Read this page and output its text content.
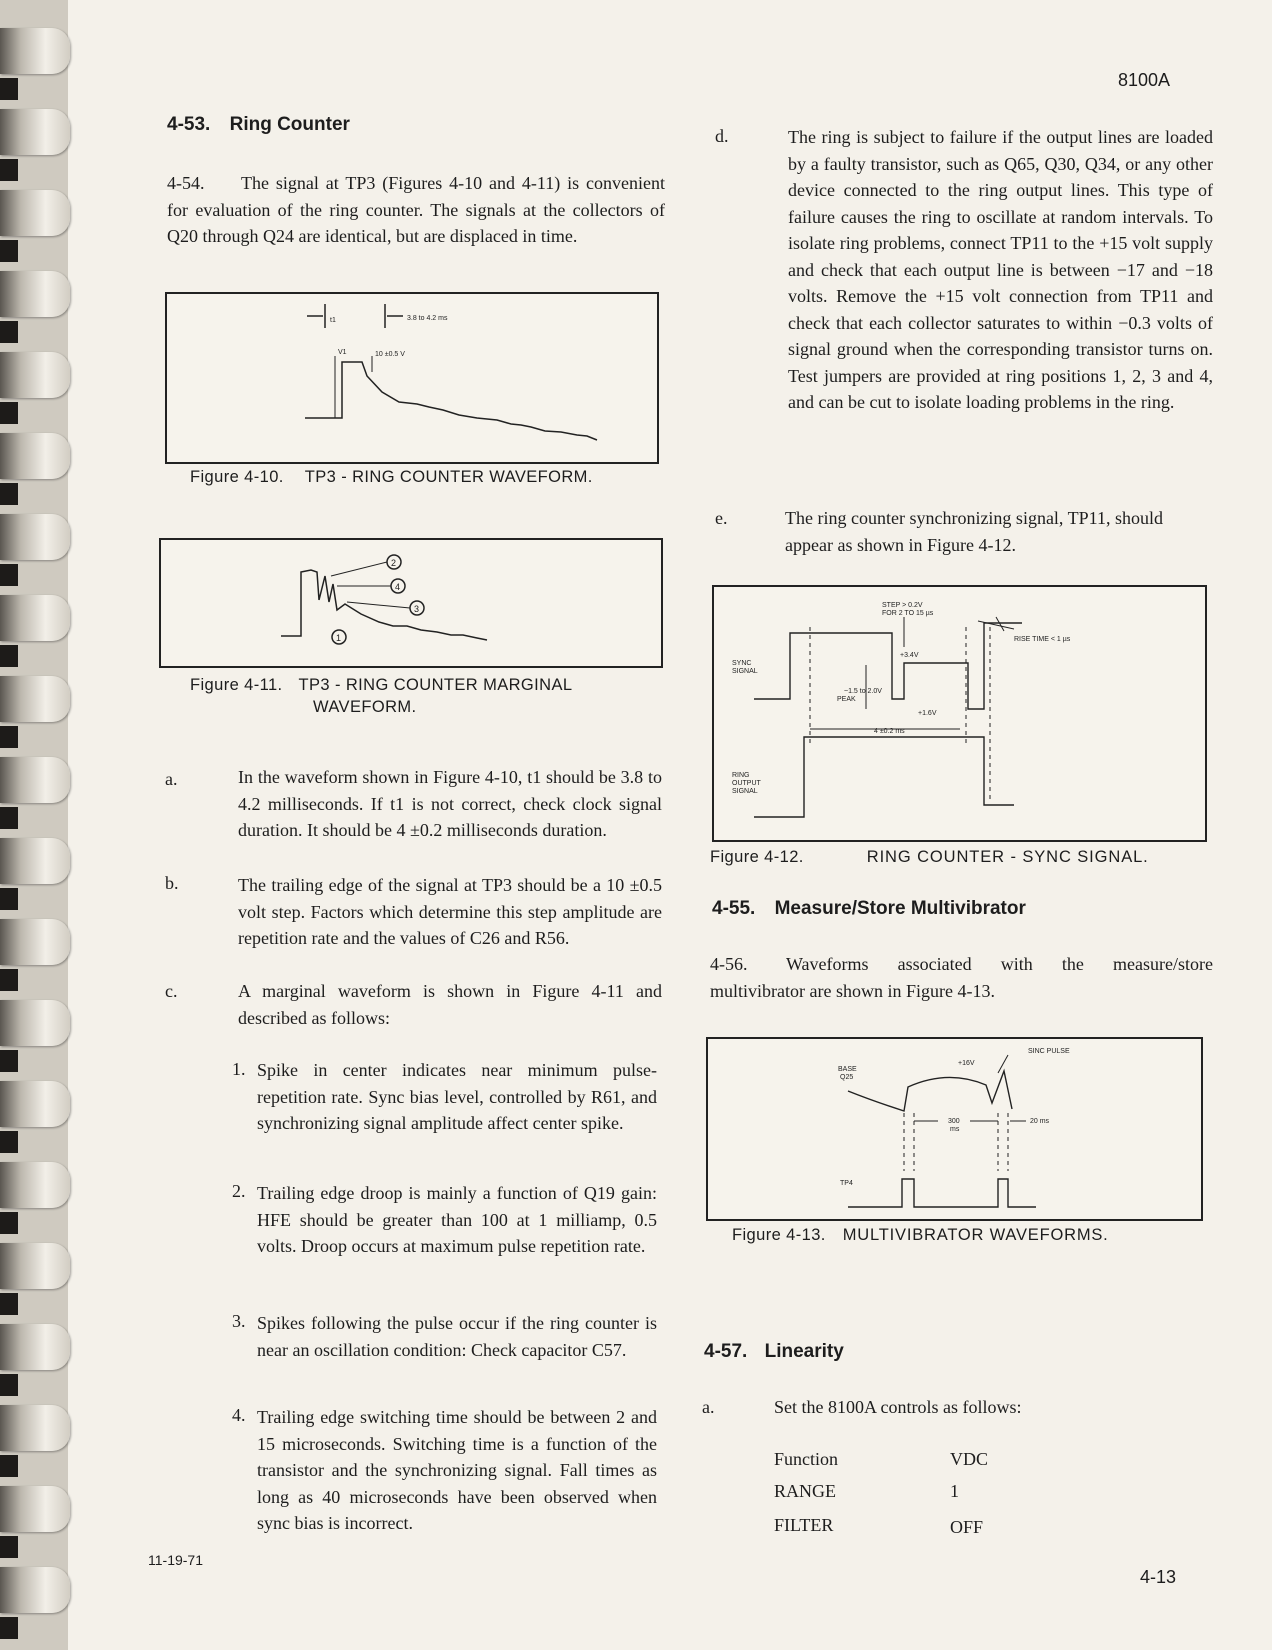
8100A
11-19-71
4-13
4-53. Ring Counter

4-54. The signal at TP3 (Figures 4-10 and 4-11) is convenient for evaluation of the ring counter. The signals at the collectors of Q20 through Q24 are identical, but are displaced in time.

t1	3.8 to 4.2 ms
V1	10 ±0.5 V
Figure 4-10. TP3 - RING COUNTER WAVEFORM.
2
4
3
1
Figure 4-11. TP3 - RING COUNTER MARGINAL
WAVEFORM.
a.	In the waveform shown in Figure 4-10, t1 should be 3.8 to 4.2 milliseconds. If t1 is not correct, check clock signal duration. It should be 4 ±0.2 milliseconds duration.

b.	The trailing edge of the signal at TP3 should be a 10 ±0.5 volt step. Factors which determine this step amplitude are repetition rate and the values of C26 and R56.

c.	A marginal waveform is shown in Figure 4-11 and described as follows:

1. Spike in center indicates near minimum pulse-repetition rate. Sync bias level, controlled by R61, and synchronizing signal amplitude affect center spike.

2. Trailing edge droop is mainly a function of Q19 gain: HFE should be greater than 100 at 1 milliamp, 0.5 volts. Droop occurs at maximum pulse repetition rate.

3. Spikes following the pulse occur if the ring counter is near an oscillation condition: Check capacitor C57.

4. Trailing edge switching time should be between 2 and 15 microseconds. Switching time is a function of the transistor and the synchronizing signal. Fall times as long as 40 microseconds have been observed when sync bias is incorrect.

d.	The ring is subject to failure if the output lines are loaded by a faulty transistor, such as Q65, Q30, Q34, or any other device connected to the ring output lines. This type of failure causes the ring to oscillate at random intervals. To isolate ring problems, connect TP11 to the +15 volt supply and check that each output line is between −17 and −18 volts. Remove the +15 volt connection from TP11 and check that each collector saturates to within −0.3 volts of signal ground when the corresponding transistor turns on. Test jumpers are provided at ring positions 1, 2, 3 and 4, and can be cut to isolate loading problems in the ring.

e.	The ring counter synchronizing signal, TP11, should appear as shown in Figure 4-12.

STEP > 0.2V
FOR 2 TO 15 µs
RISE TIME < 1 µs
+3.4V
~1.5 to 2.0V
PEAK
+1.6V
4 ±0.2 ms
SYNC
SIGNAL
RING
OUTPUT
SIGNAL
Figure 4-12.	RING COUNTER - SYNC SIGNAL.
4-55. Measure/Store Multivibrator

4-56. Waveforms associated with the measure/store multivibrator are shown in Figure 4-13.

SINC PULSE
BASE
Q25
+16V
300
ms
20 ms
TP4
Figure 4-13. MULTIVIBRATOR WAVEFORMS.
4-57. Linearity
a.	Set the 8100A controls as follows:
Function	VDC
RANGE	1
FILTER	OFF
